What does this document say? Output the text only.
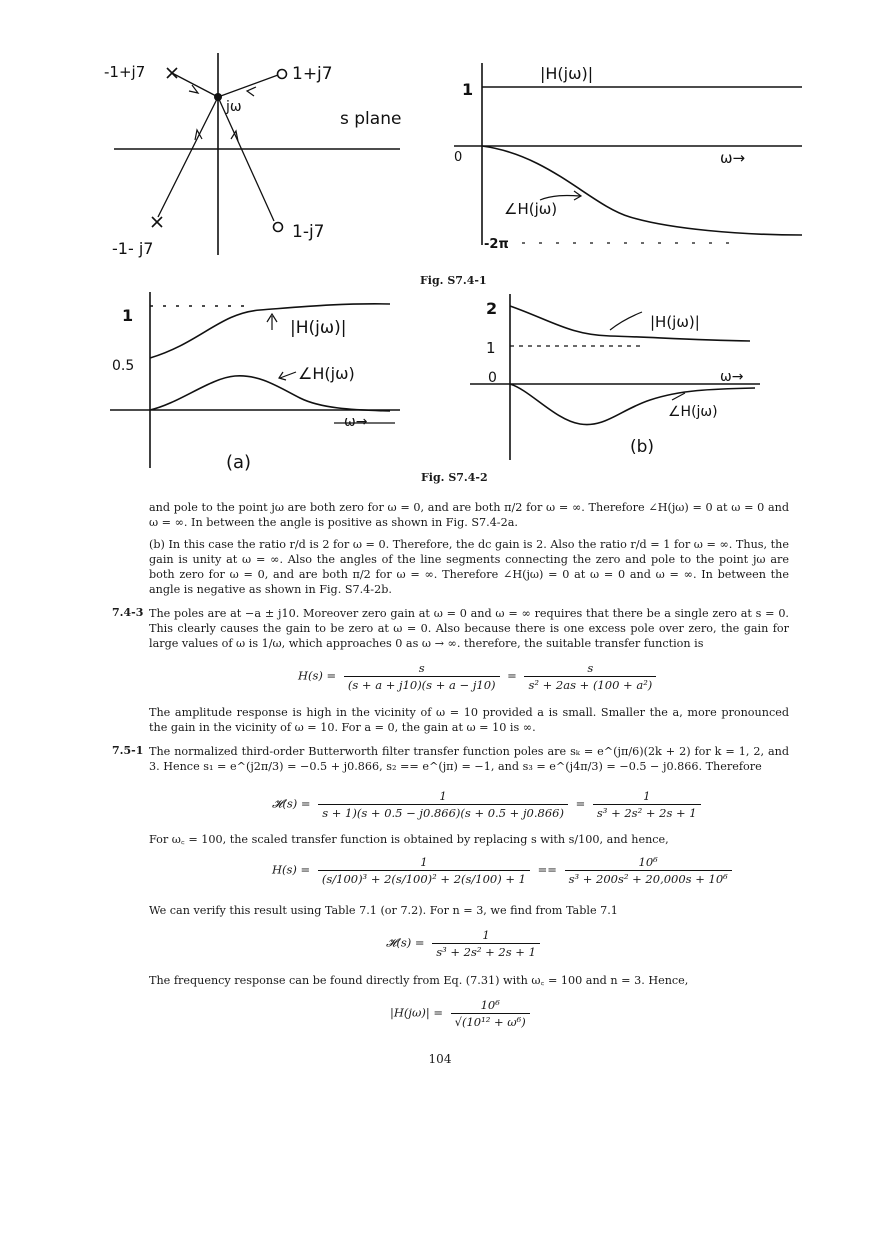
-1+j7	1+j7
jω
s plane
-1- j7
1-j7
|H(jω)|
1
0	ω→
∠H(jω)
-2π
Fig. S7.4-1
1
0.5
|H(jω)|
∠H(jω)
ω→
(a)
2
1
0
|H(jω)|
ω→
∠H(jω)
(b)
Fig. S7.4-2

and pole to the point jω are both zero for ω = 0, and are both π/2 for ω = ∞. Therefore ∠H(jω) = 0 at ω = 0 and ω = ∞. In between the angle is positive as shown in Fig. S7.4-2a.

(b) In this case the ratio r/d is 2 for ω = 0. Therefore, the dc gain is 2. Also the ratio r/d = 1 for ω = ∞. Thus, the gain is unity at ω = ∞. Also the angles of the line segments connecting the zero and pole to the point jω are both zero for ω = 0, and are both π/2 for ω = ∞. Therefore ∠H(jω) = 0 at ω = 0 and ω = ∞. In between the angle is negative as shown in Fig. S7.4-2b.

7.4-3 The poles are at −a ± j10. Moreover zero gain at ω = 0 and ω = ∞ requires that there be a single zero at s = 0. This clearly causes the gain to be zero at ω = 0. Also because there is one excess pole over zero, the gain for large values of ω is 1/ω, which approaches 0 as ω → ∞. therefore, the suitable transfer function is

$H(s) = \frac{s}{(s + a + j10)(s + a - j10)} = \frac{s}{\text{s² + 2as + (100 + a²)}}$

The amplitude response is high in the vicinity of ω = 10 provided a is small. Smaller the a, more pronounced the gain in the vicinity of ω = 10. For a = 0, the gain at ω = 10 is ∞.

7.5-1 The normalized third-order Butterworth filter transfer function poles are sₖ = e^(jπ/6)(2k + 2) for k = 1, 2, and 3. Hence s₁ = e^(j2π/3) = −0.5 + j0.866, s₂ == e^(jπ) = −1, and s₃ = e^(j4π/3) = −0.5 − j0.866. Therefore

𝓗(s) = $\frac{1}{s + 1)(s + 0.5 - j0.866)(s + 0.5 + j0.866)} = \frac{1}{\text{s³ + 2s² + 2s + 1}}$

For ω꜀ = 100, the scaled transfer function is obtained by replacing s with s/100, and hence,

$H(s) = \frac{1}{\text{(s/100)³ + 2(s/100)² + 2(s/100) + 1}} == \frac{\text{10⁶}}{\text{s³ + 200s² + 20,000s + 10⁶}}$

We can verify this result using Table 7.1 (or 7.2). For n = 3, we find from Table 7.1

𝓗(s) = $\frac{1}{\text{s³ + 2s² + 2s + 1}}$

The frequency response can be found directly from Eq. (7.31) with ω꜀ = 100 and n = 3. Hence,

$|H(j\omega)| = \frac{\text{10⁶}}{\text{√(10¹² + ω⁶)}}$
104
